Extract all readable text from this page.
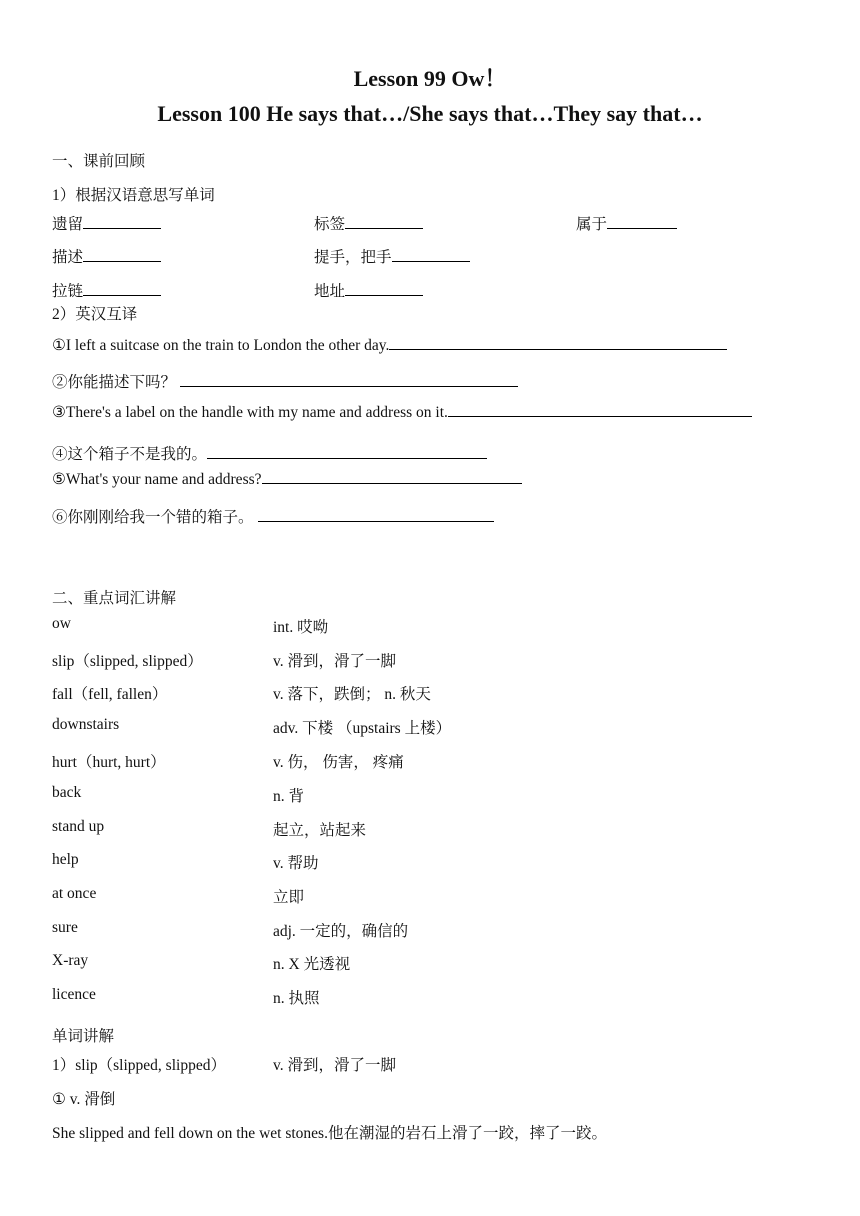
Lesson 99 Ow！
Lesson 100 He says that…/She says that…They say that…
一、课前回顾
1）根据汉语意思写单词
遗留	标签	属于
描述	提手，把手
拉链	地址
2）英汉互译
①I left a suitcase on the train to London the other day.
②你能描述下吗？
③There's a label on the handle with my name and address on it.
④这个箱子不是我的。
⑤What's your name and address?
⑥你刚刚给我一个错的箱子。
二、重点词汇讲解
ow	int. 哎呦
slip（slipped, slipped）	v. 滑到，滑了一脚
fall（fell, fallen）	v. 落下，跌倒； n. 秋天
downstairs	adv. 下楼 （upstairs 上楼）
hurt（hurt, hurt）	v. 伤， 伤害， 疼痛
back	n. 背
stand up	起立，站起来
help	v. 帮助
at once	立即
sure	adj. 一定的，确信的
X-ray	n. X 光透视
licence	n. 执照
单词讲解
1）slip（slipped, slipped）	v. 滑到，滑了一脚
① v. 滑倒
She slipped and fell down on the wet stones.他在潮湿的岩石上滑了一跤，摔了一跤。
